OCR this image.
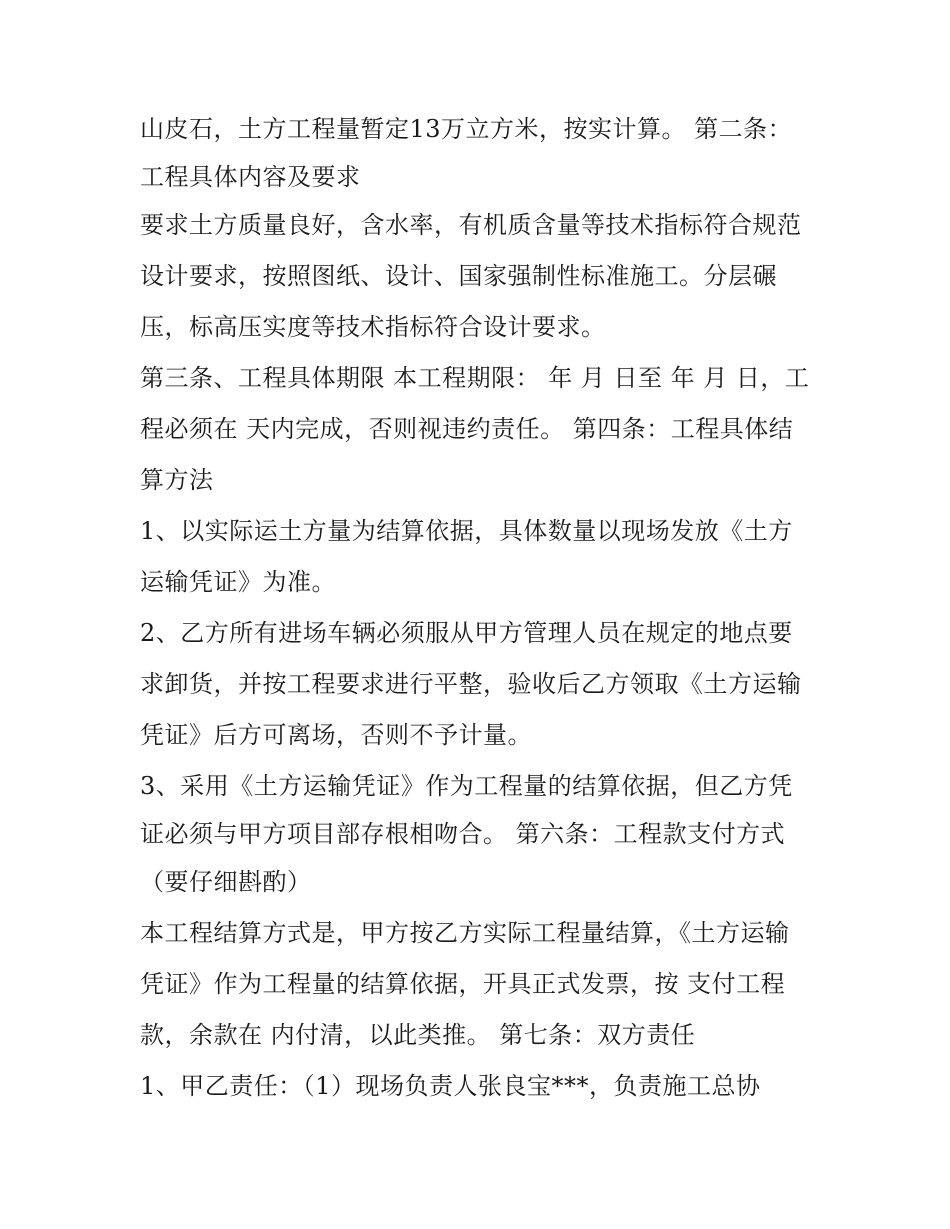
山皮石，土方工程量暂定13万立方米，按实计算。 第二条：
工程具体内容及要求
要求土方质量良好，含水率，有机质含量等技术指标符合规范
设计要求，按照图纸、设计、国家强制性标准施工。分层碾
压，标高压实度等技术指标符合设计要求。
第三条、工程具体期限 本工程期限： 年 月 日至 年 月 日，工
程必须在 天内完成，否则视违约责任。 第四条：工程具体结
算方法
1、以实际运土方量为结算依据，具体数量以现场发放《土方
运输凭证》为准。
2、乙方所有进场车辆必须服从甲方管理人员在规定的地点要
求卸货，并按工程要求进行平整，验收后乙方领取《土方运输
凭证》后方可离场，否则不予计量。
3、采用《土方运输凭证》作为工程量的结算依据，但乙方凭
证必须与甲方项目部存根相吻合。 第六条：工程款支付方式
（要仔细斟酌）
本工程结算方式是，甲方按乙方实际工程量结算，《土方运输
凭证》作为工程量的结算依据，开具正式发票，按 支付工程
款，余款在 内付清，以此类推。 第七条：双方责任
1、甲乙责任：（1）现场负责人张良宝***，负责施工总协
